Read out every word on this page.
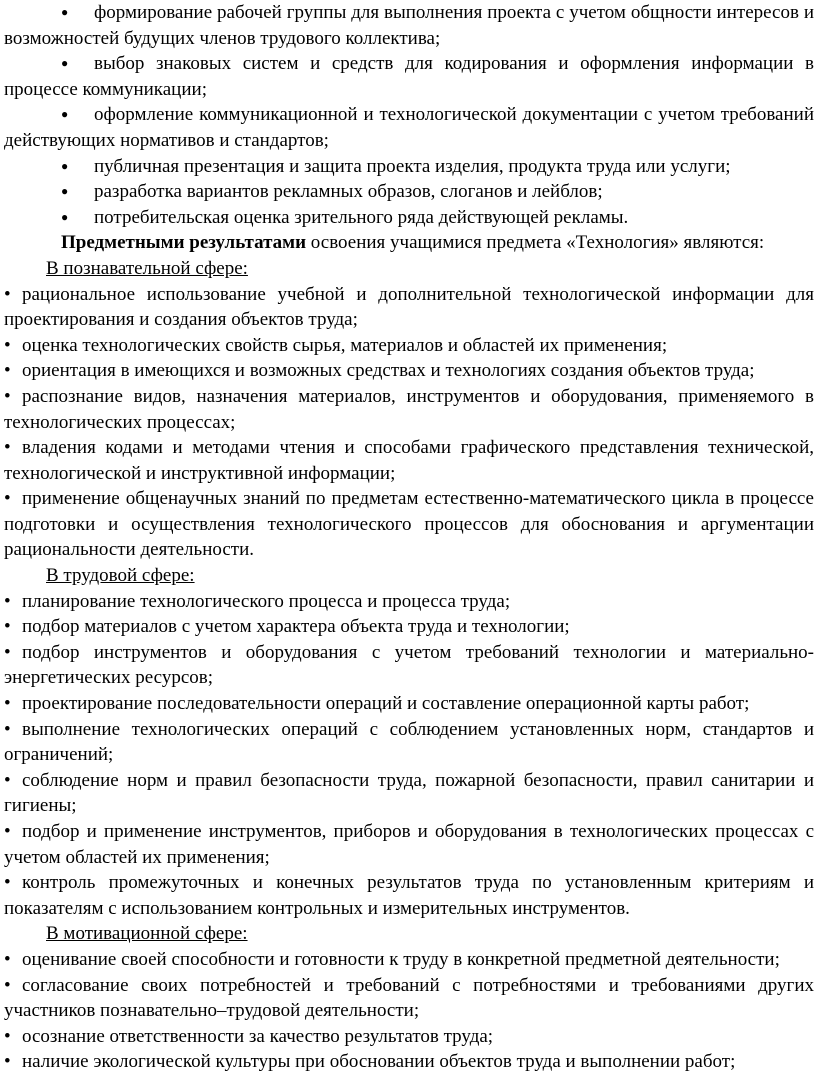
● формирование рабочей группы для выполнения проекта с учетом общности интересов и возможностей будущих членов трудового коллектива;

● выбор знаковых систем и средств для кодирования и оформления информации в процессе коммуникации;

● оформление коммуникационной и технологической документации с учетом требований действующих нормативов и стандартов;

● публичная презентация и защита проекта изделия, продукта труда или услуги;

● разработка вариантов рекламных образов, слоганов и лейблов;

● потребительская оценка зрительного ряда действующей рекламы.

Предметными результатами освоения учащимися предмета «Технология» являются:

В познавательной сфере:

• рациональное использование учебной и дополнительной технологической информации для проектирования и создания объектов труда;

• оценка технологических свойств сырья, материалов и областей их применения;

• ориентация в имеющихся и возможных средствах и технологиях создания объектов труда;

• распознание видов, назначения материалов, инструментов и оборудования, применяемого в технологических процессах;

• владения кодами и методами чтения и способами графического представления технической, технологической и инструктивной информации;

• применение общенаучных знаний по предметам естественно-математического цикла в процессе подготовки и осуществления технологического процессов для обоснования и аргументации рациональности деятельности.

В трудовой сфере:

• планирование технологического процесса и процесса труда;

• подбор материалов с учетом характера объекта труда и технологии;

• подбор инструментов и оборудования с учетом требований технологии и материально-энергетических ресурсов;

• проектирование последовательности операций и составление операционной карты работ;

• выполнение технологических операций с соблюдением установленных норм, стандартов и ограничений;

• соблюдение норм и правил безопасности труда, пожарной безопасности, правил санитарии и гигиены;

• подбор и применение инструментов, приборов и оборудования в технологических процессах с учетом областей их применения;

• контроль промежуточных и конечных результатов труда по установленным критериям и показателям с использованием контрольных и измерительных инструментов.

В мотивационной сфере:

• оценивание своей способности и готовности к труду в конкретной предметной деятельности;

• согласование своих потребностей и требований с потребностями и требованиями других участников познавательно–трудовой деятельности;

• осознание ответственности за качество результатов труда;

• наличие экологической культуры при обосновании объектов труда и выполнении работ;
